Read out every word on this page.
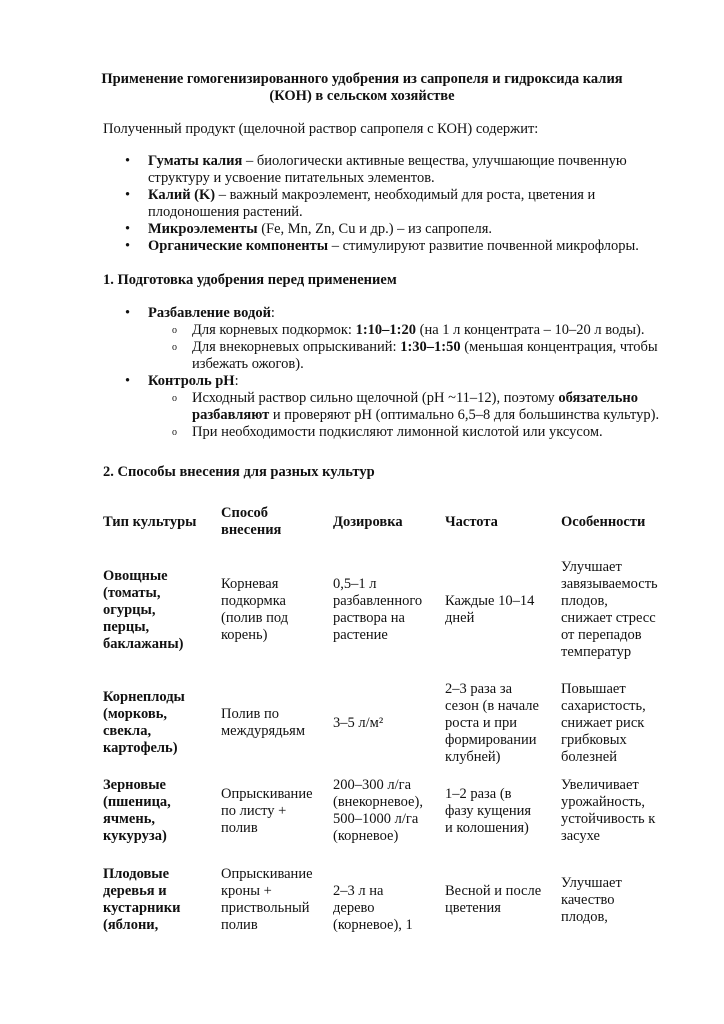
Применение гомогенизированного удобрения из сапропеля и гидроксида калия
(КОН) в сельском хозяйстве
Полученный продукт (щелочной раствор сапропеля с КОН) содержит:
• Гуматы калия – биологически активные вещества, улучшающие почвенную структуру и усвоение питательных элементов.
• Калий (K) – важный макроэлемент, необходимый для роста, цветения и плодоношения растений.
• Микроэлементы (Fe, Mn, Zn, Cu и др.) – из сапропеля.
• Органические компоненты – стимулируют развитие почвенной микрофлоры.
1. Подготовка удобрения перед применением
• Разбавление водой:
o Для корневых подкормок: 1:10–1:20 (на 1 л концентрата – 10–20 л воды).
o Для внекорневых опрыскиваний: 1:30–1:50 (меньшая концентрация, чтобы избежать ожогов).
• Контроль pH:
o Исходный раствор сильно щелочной (pH ~11–12), поэтому обязательно разбавляют и проверяют pH (оптимально 6,5–8 для большинства культур).
o При необходимости подкисляют лимонной кислотой или уксусом.
2. Способы внесения для разных культур
Тип культуры
Способ
внесения
Дозировка	Частота	Особенности
Овощные
(томаты,
огурцы,
перцы,
баклажаны)
Корневая
подкормка
(полив под
корень)
0,5–1 л
разбавленного
раствора на
растение
Каждые 10–14
дней
Улучшает
завязываемость
плодов,
снижает стресс
от перепадов
температур
Корнеплоды
(морковь,
свекла,
картофель)
Полив по
междурядьям
3–5 л/м²
2–3 раза за
сезон (в начале
роста и при
формировании
клубней)
Повышает
сахаристость,
снижает риск
грибковых
болезней
Зерновые
(пшеница,
ячмень,
кукуруза)
Опрыскивание
по листу +
полив
200–300 л/га
(внекорневое),
500–1000 л/га
(корневое)
1–2 раза (в
фазу кущения
и колошения)
Увеличивает
урожайность,
устойчивость к
засухе
Плодовые
деревья и
кустарники
(яблони,
Опрыскивание
кроны +
приствольный
полив
2–3 л на
дерево
(корневое), 1
Весной и после
цветения
Улучшает
качество
плодов,
